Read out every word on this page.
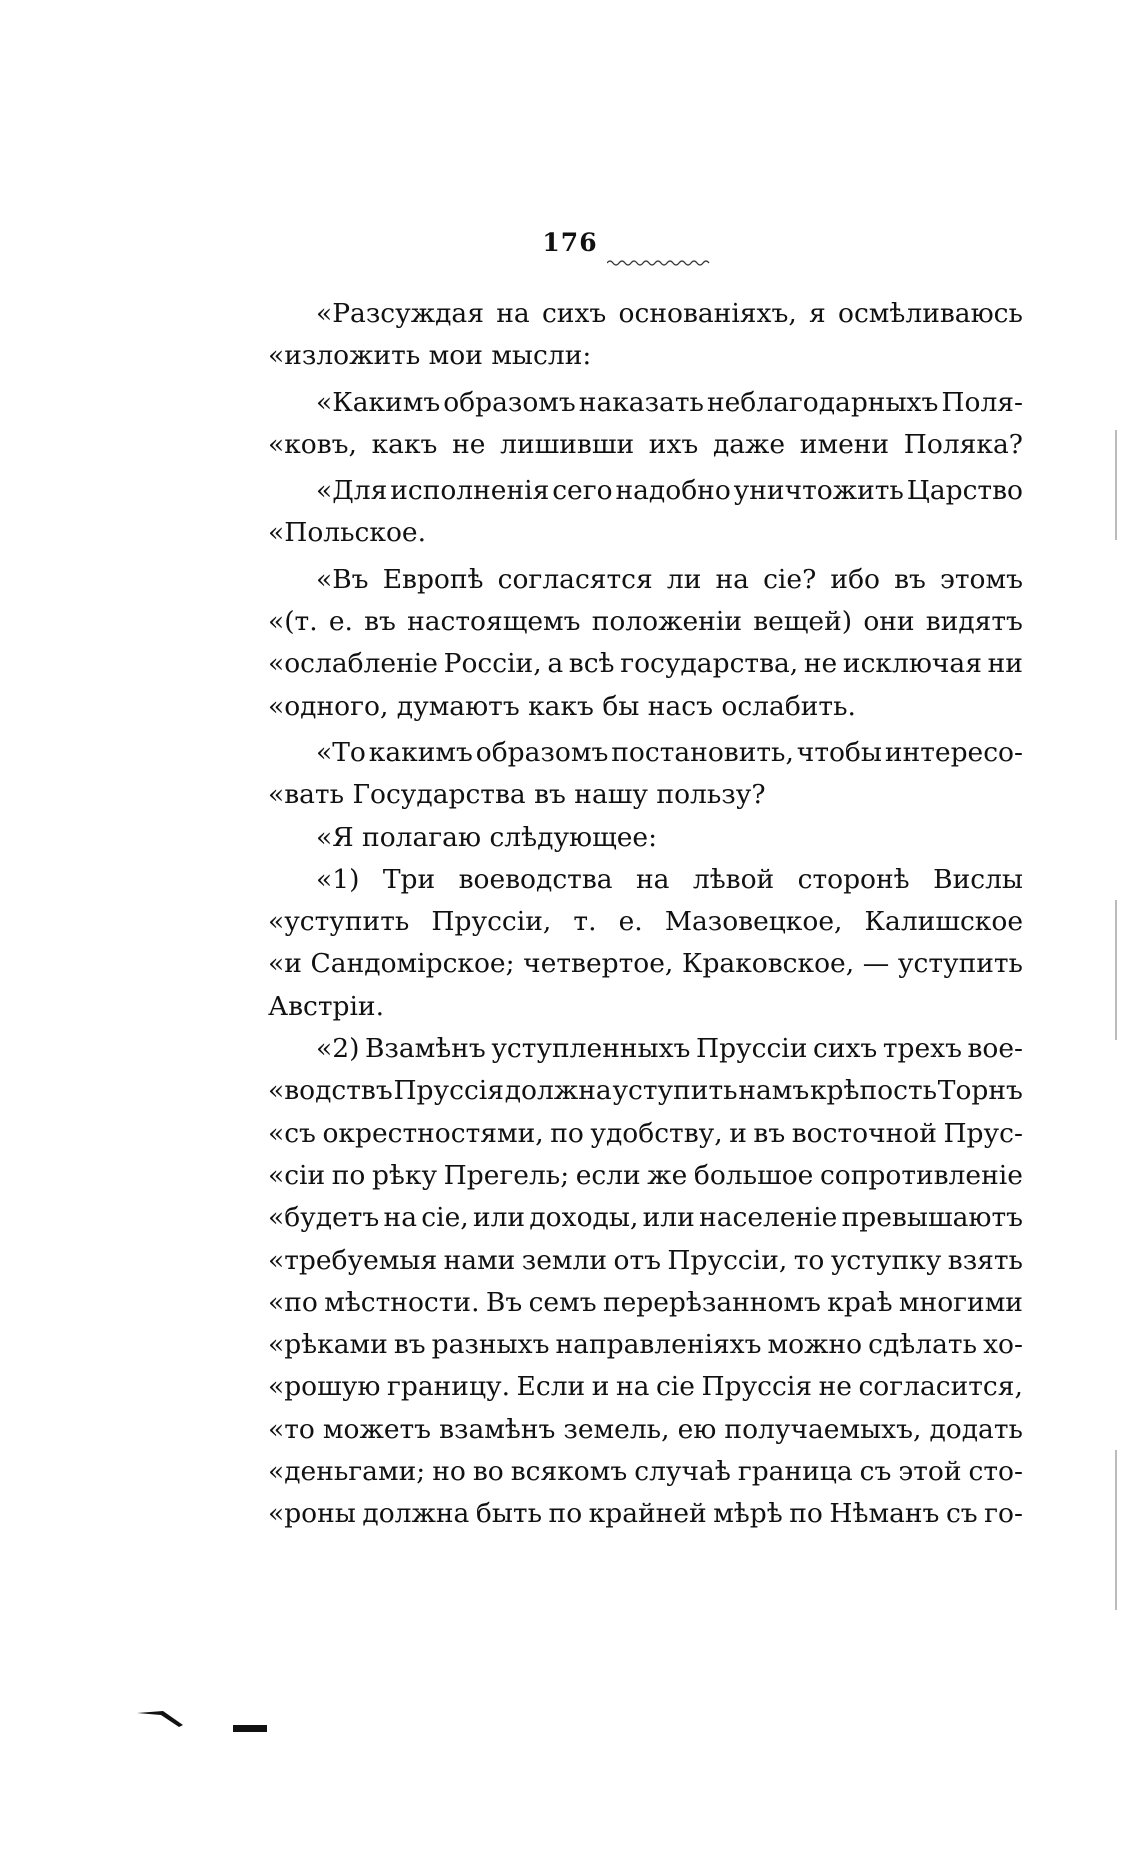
176
«Разсуждая на сихъ основаніяхъ, я осмѣливаюсь
«изложить мои мысли:
«Какимъ образомъ наказать неблагодарныхъ Поля-
«ковъ, какъ не лишивши ихъ даже имени Поляка?
«Для исполненія сего надобно уничтожить Царство
«Польское.
«Въ Европѣ согласятся ли на сіе? ибо въ этомъ
«(т. е. въ настоящемъ положеніи вещей) они видятъ
«ослабленіе Россіи, а всѣ государства, не исключая ни
«одного, думаютъ какъ бы насъ ослабить.
«То какимъ образомъ постановить, чтобы интересо-
«вать Государства въ нашу пользу?
«Я полагаю слѣдующее:
«1) Три воеводства на лѣвой сторонѣ Вислы
«уступить Пруссіи, т. е. Мазовецкое, Калишское
«и Сандомірское; четвертое, Краковское, — уступить
Австріи.
«2) Взамѣнъ уступленныхъ Пруссіи сихъ трехъ вое-
«водствъ Пруссія должна уступить намъ крѣпость Торнъ
«съ окрестностями, по удобству, и въ восточной Прус-
«сіи по рѣку Прегель; если же большое сопротивленіе
«будетъ на сіе, или доходы, или населеніе превышаютъ
«требуемыя нами земли отъ Пруссіи, то уступку взять
«по мѣстности. Въ семъ перерѣзанномъ краѣ многими
«рѣками въ разныхъ направленіяхъ можно сдѣлать хо-
«рошую границу. Если и на сіе Пруссія не согласится,
«то можетъ взамѣнъ земель, ею получаемыхъ, додать
«деньгами; но во всякомъ случаѣ граница съ этой сто-
«роны должна быть по крайней мѣрѣ по Нѣманъ съ го-
